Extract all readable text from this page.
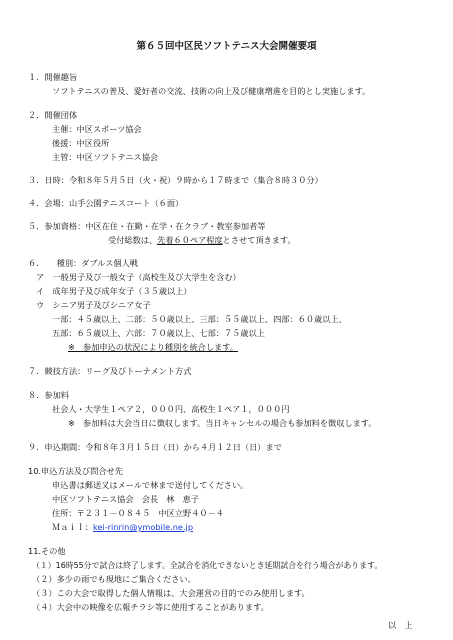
第６５回中区民ソフトテニス大会開催要項
１．開催趣旨
ソフトテニスの普及、愛好者の交流、技術の向上及び健康増進を目的とし実施します。
２．開催団体
主催：中区スポーツ協会
後援：中区役所
主管：中区ソフトテニス協会
３．日時：令和８年５月５日（火・祝）９時から１７時まで（集合８時３０分）
４．会場：山手公園テニスコート（６面）
５．参加資格：中区在住・在勤・在学・在クラブ・教室参加者等
受付総数は、先着６０ペア程度とさせて頂きます。
６．　　種別：ダブルス個人戦
ア　一般男子及び一般女子（高校生及び大学生を含む）
イ　成年男子及び成年女子（３５歳以上）
ウ　シニア男子及びシニア女子
一部：４５歳以上、二部：５０歳以上、三部：５５歳以上、四部：６０歳以上、
五部：６５歳以上、六部：７０歳以上、七部：７５歳以上
※　参加申込の状況により種別を統合します。
７．競技方法：リーグ及びトーナメント方式
８．参加料
社会人・大学生１ペア２，０００円、高校生１ペア１，０００円
※　参加料は大会当日に徴収します。当日キャンセルの場合も参加料を徴収します。
９．申込期間：令和８年３月１５日（日）から４月１２日（日）まで
10.申込方法及び問合せ先
申込書は郵送又はメールで林まで送付してください。
中区ソフトテニス協会　会長　林　恵子
住所：〒２３１－０８４５　中区立野４０－４
Ｍａｉｌ：kei-rinrin@ymobile.ne.jp
11.その他
（１）16時55分で試合は終了します。全試合を消化できないとき延期試合を行う場合があります。
（２）多少の雨でも現地にご集合ください。
（３）この大会で取得した個人情報は、大会運営の目的でのみ使用します。
（４）大会中の映像を広報チラシ等に使用することがあります。
以　上
